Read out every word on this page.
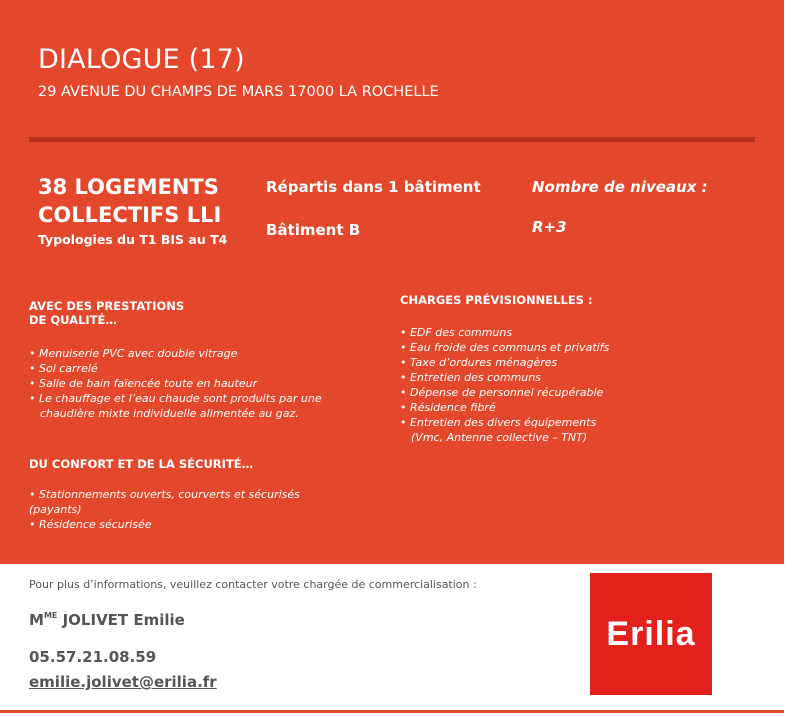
DIALOGUE (17)
29 AVENUE DU CHAMPS DE MARS 17000 LA ROCHELLE
38 LOGEMENTS COLLECTIFS LLI
Typologies du T1 BIS au T4
Répartis dans 1 bâtiment
Bâtiment B
Nombre de niveaux :
R+3
AVEC DES PRESTATIONS
DE QUALITÉ…
• Menuiserie PVC avec double vitrage
• Sol carrelé
• Salle de bain faïencée toute en hauteur
• Le chauffage et l’eau chaude sont produits par une
chaudière mixte individuelle alimentée au gaz.
DU CONFORT ET DE LA SÉCURITÉ…
• Stationnements ouverts, courverts et sécurisés
(payants)
• Résidence sécurisée
CHARGES PRÉVISIONNELLES :
• EDF des communs
• Eau froide des communs et privatifs
• Taxe d’ordures ménagères
• Entretien des communs
• Dépense de personnel récupérable
• Résidence fibré
• Entretien des divers équipements
(Vmc, Antenne collective – TNT)
Pour plus d’informations, veuillez contacter votre chargée de commercialisation :
$M^{ME}$ JOLIVET Emilie
05.57.21.08.59
emilie.jolivet@erilia.fr
Erilia
